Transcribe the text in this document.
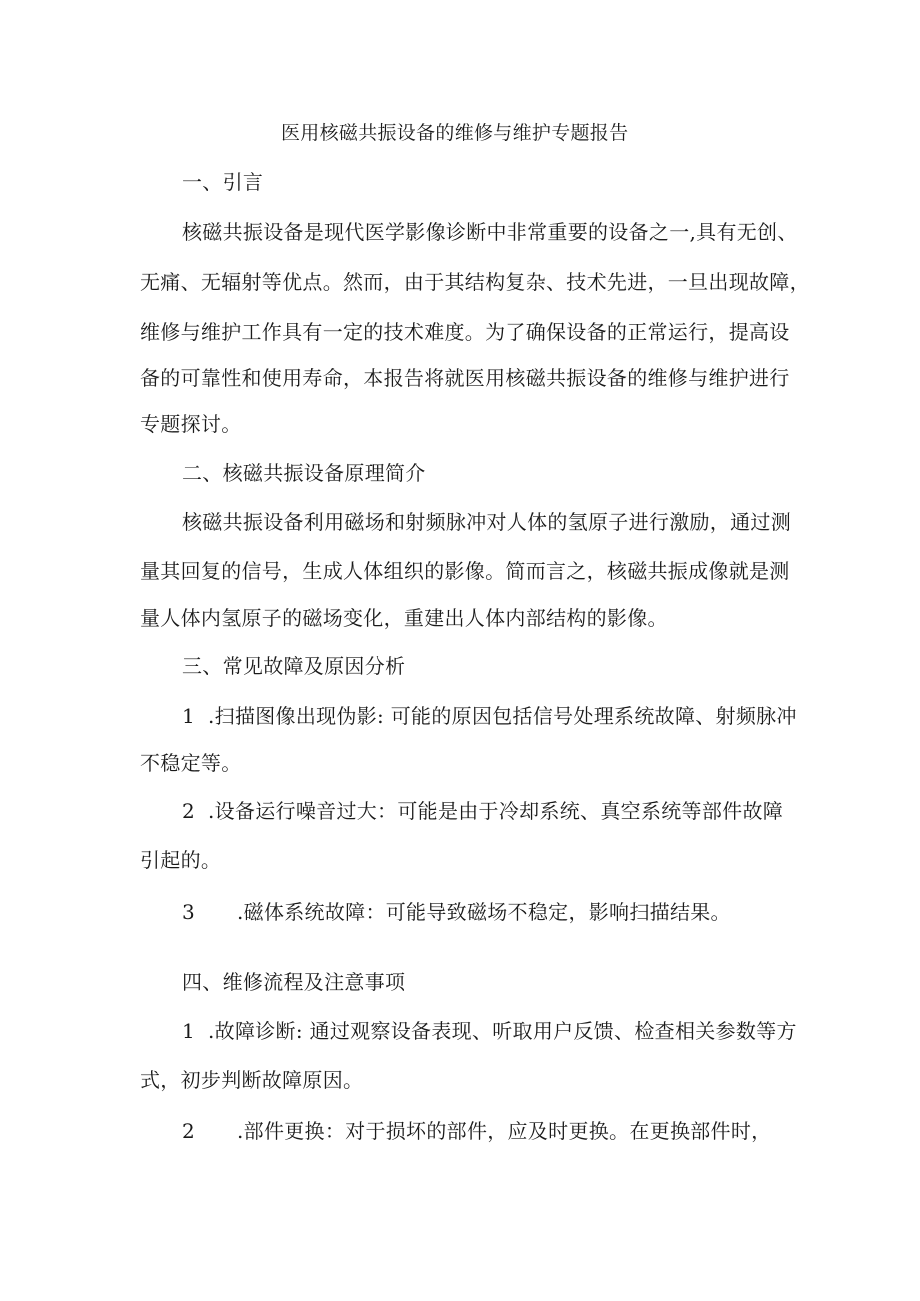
医用核磁共振设备的维修与维护专题报告
一、引言
核磁共振设备是现代医学影像诊断中非常重要的设备之一,具有无创、
无痛、无辐射等优点。然而，由于其结构复杂、技术先进，一旦出现故障，
维修与维护工作具有一定的技术难度。为了确保设备的正常运行，提高设
备的可靠性和使用寿命，本报告将就医用核磁共振设备的维修与维护进行
专题探讨。
二、核磁共振设备原理简介
核磁共振设备利用磁场和射频脉冲对人体的氢原子进行激励，通过测
量其回复的信号，生成人体组织的影像。简而言之，核磁共振成像就是测
量人体内氢原子的磁场变化，重建出人体内部结构的影像。
三、常见故障及原因分析
1 .扫描图像出现伪影: 可能的原因包括信号处理系统故障、射频脉冲
不稳定等。
2 .设备运行噪音过大：可能是由于冷却系统、真空系统等部件故障
引起的。
3 .磁体系统故障：可能导致磁场不稳定，影响扫描结果。
四、维修流程及注意事项
1 .故障诊断: 通过观察设备表现、听取用户反馈、检查相关参数等方
式，初步判断故障原因。
2 .部件更换：对于损坏的部件，应及时更换。在更换部件时，
